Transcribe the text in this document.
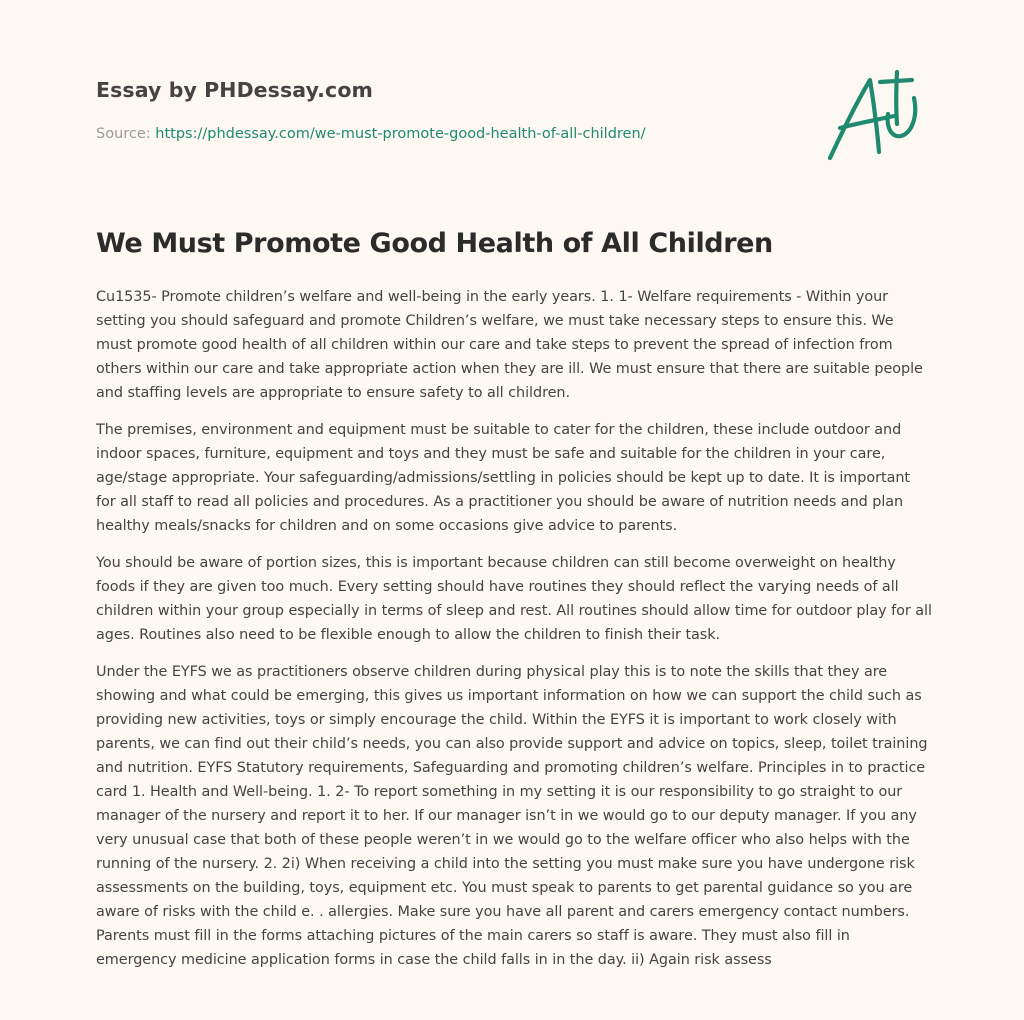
Essay by PHDessay.com
Source: https://phdessay.com/we-must-promote-good-health-of-all-children/
We Must Promote Good Health of All Children

Cu1535- Promote children’s welfare and well-being in the early years. 1. 1- Welfare requirements - Within your setting you should safeguard and promote Children’s welfare, we must take necessary steps to ensure this. We must promote good health of all children within our care and take steps to prevent the spread of infection from others within our care and take appropriate action when they are ill. We must ensure that there are suitable people and staffing levels are appropriate to ensure safety to all children.

The premises, environment and equipment must be suitable to cater for the children, these include outdoor and indoor spaces, furniture, equipment and toys and they must be safe and suitable for the children in your care, age/stage appropriate. Your safeguarding/admissions/settling in policies should be kept up to date. It is important for all staff to read all policies and procedures. As a practitioner you should be aware of nutrition needs and plan healthy meals/snacks for children and on some occasions give advice to parents.

You should be aware of portion sizes, this is important because children can still become overweight on healthy foods if they are given too much. Every setting should have routines they should reflect the varying needs of all children within your group especially in terms of sleep and rest. All routines should allow time for outdoor play for all ages. Routines also need to be flexible enough to allow the children to finish their task.

Under the EYFS we as practitioners observe children during physical play this is to note the skills that they are showing and what could be emerging, this gives us important information on how we can support the child such as providing new activities, toys or simply encourage the child. Within the EYFS it is important to work closely with parents, we can find out their child’s needs, you can also provide support and advice on topics, sleep, toilet training and nutrition. EYFS Statutory requirements, Safeguarding and promoting children’s welfare. Principles in to practice card 1. Health and Well-being. 1. 2- To report something in my setting it is our responsibility to go straight to our manager of the nursery and report it to her. If our manager isn’t in we would go to our deputy manager. If you any very unusual case that both of these people weren’t in we would go to the welfare officer who also helps with the running of the nursery. 2. 2i) When receiving a child into the setting you must make sure you have undergone risk assessments on the building, toys, equipment etc. You must speak to parents to get parental guidance so you are aware of risks with the child e. . allergies. Make sure you have all parent and carers emergency contact numbers. Parents must fill in the forms attaching pictures of the main carers so staff is aware. They must also fill in emergency medicine application forms in case the child falls in in the day. ii) Again risk assess
